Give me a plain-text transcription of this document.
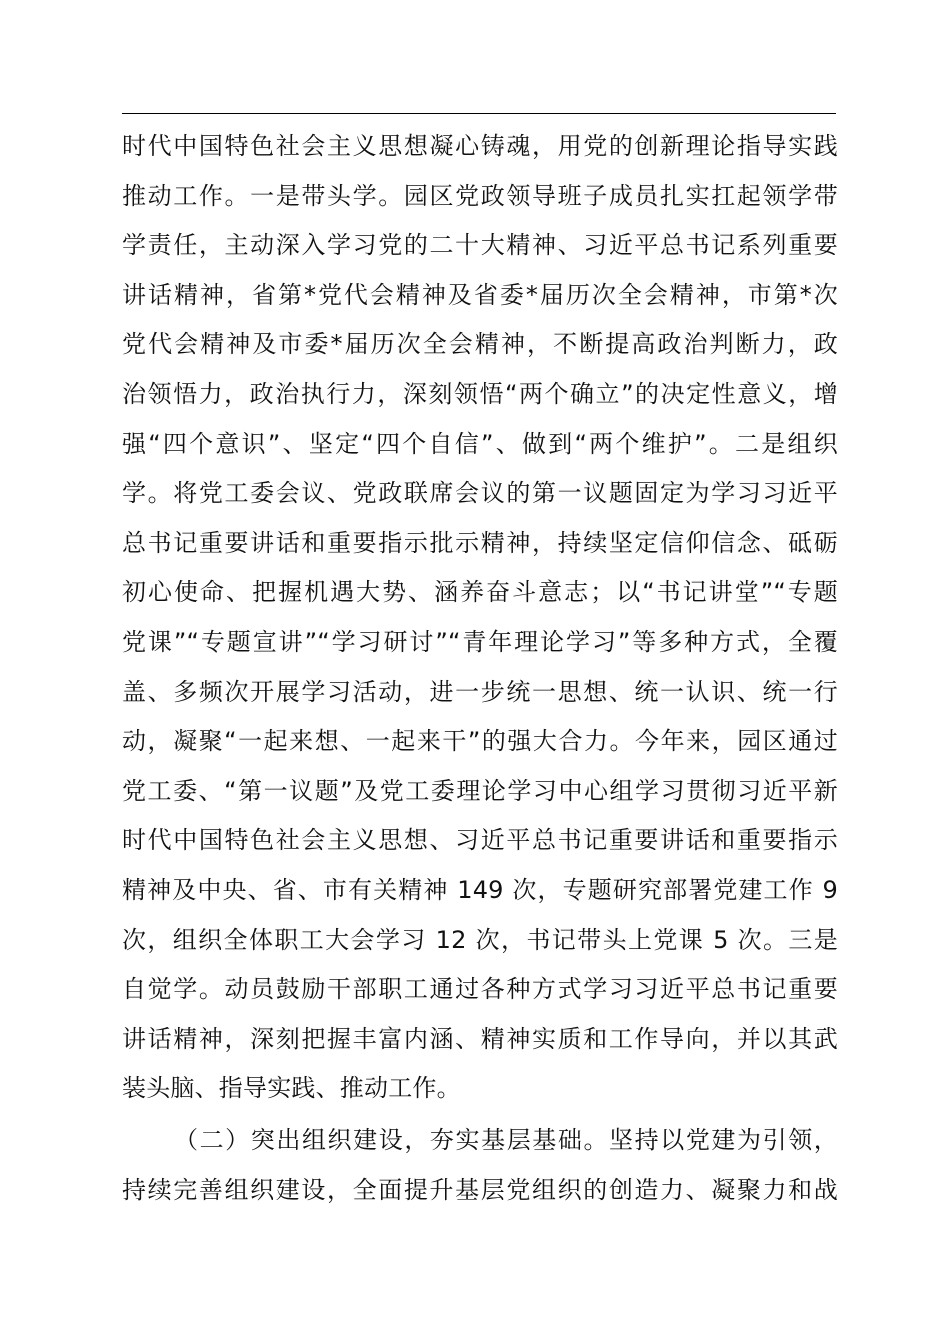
时代中国特色社会主义思想凝心铸魂，用党的创新理论指导实践
推动工作。一是带头学。园区党政领导班子成员扎实扛起领学带
学责任，主动深入学习党的二十大精神、习近平总书记系列重要
讲话精神，省第*党代会精神及省委*届历次全会精神，市第*次
党代会精神及市委*届历次全会精神，不断提高政治判断力，政
治领悟力，政治执行力，深刻领悟“两个确立”的决定性意义，增
强“四个意识”、坚定“四个自信”、做到“两个维护”。二是组织
学。将党工委会议、党政联席会议的第一议题固定为学习习近平
总书记重要讲话和重要指示批示精神，持续坚定信仰信念、砥砺
初心使命、把握机遇大势、涵养奋斗意志；以“书记讲堂”“专题
党课”“专题宣讲”“学习研讨”“青年理论学习”等多种方式，全覆
盖、多频次开展学习活动，进一步统一思想、统一认识、统一行
动，凝聚“一起来想、一起来干”的强大合力。今年来，园区通过
党工委、“第一议题”及党工委理论学习中心组学习贯彻习近平新
时代中国特色社会主义思想、习近平总书记重要讲话和重要指示
精神及中央、省、市有关精神 149 次，专题研究部署党建工作 9
次，组织全体职工大会学习 12 次，书记带头上党课 5 次。三是
自觉学。动员鼓励干部职工通过各种方式学习习近平总书记重要
讲话精神，深刻把握丰富内涵、精神实质和工作导向，并以其武
装头脑、指导实践、推动工作。
（二）突出组织建设，夯实基层基础。坚持以党建为引领，
持续完善组织建设，全面提升基层党组织的创造力、凝聚力和战
